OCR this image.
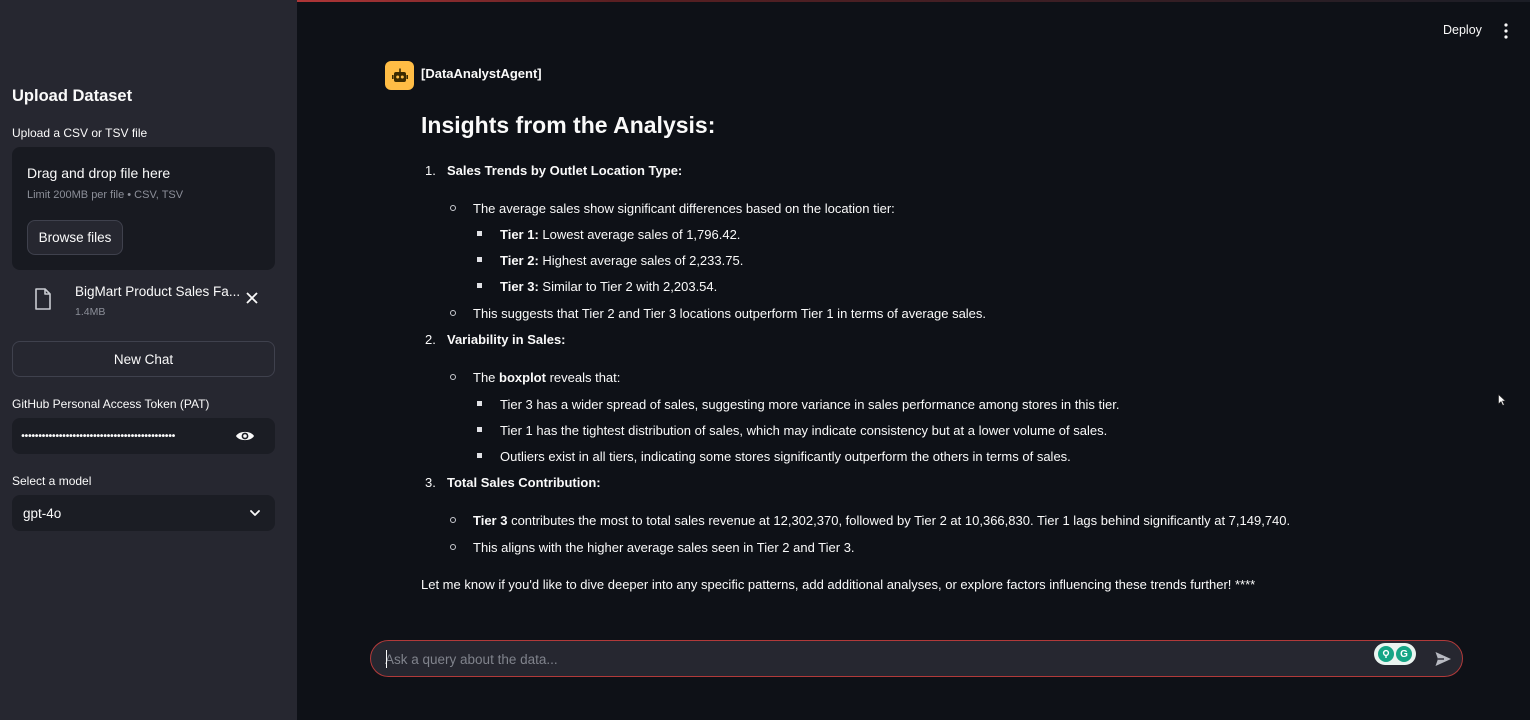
Upload Dataset
Upload a CSV or TSV file
Drag and drop file here
Limit 200MB per file • CSV, TSV
Browse files
BigMart Product Sales Fa...
1.4MB
New Chat
GitHub Personal Access Token (PAT)
•••••••••••••••••••••••••••••••••••••••••••••
Select a model
gpt-4o
Deploy
[DataAnalystAgent]
Insights from the Analysis:
1. Sales Trends by Outlet Location Type:
The average sales show significant differences based on the location tier:
Tier 1: Lowest average sales of 1,796.42.
Tier 2: Highest average sales of 2,233.75.
Tier 3: Similar to Tier 2 with 2,203.54.
This suggests that Tier 2 and Tier 3 locations outperform Tier 1 in terms of average sales.
2. Variability in Sales:
The boxplot reveals that:
Tier 3 has a wider spread of sales, suggesting more variance in sales performance among stores in this tier.
Tier 1 has the tightest distribution of sales, which may indicate consistency but at a lower volume of sales.
Outliers exist in all tiers, indicating some stores significantly outperform the others in terms of sales.
3. Total Sales Contribution:
Tier 3 contributes the most to total sales revenue at 12,302,370, followed by Tier 2 at 10,366,830. Tier 1 lags behind significantly at 7,149,740.
This aligns with the higher average sales seen in Tier 2 and Tier 3.
Let me know if you'd like to dive deeper into any specific patterns, add additional analyses, or explore factors influencing these trends further! ****
Ask a query about the data...
G
